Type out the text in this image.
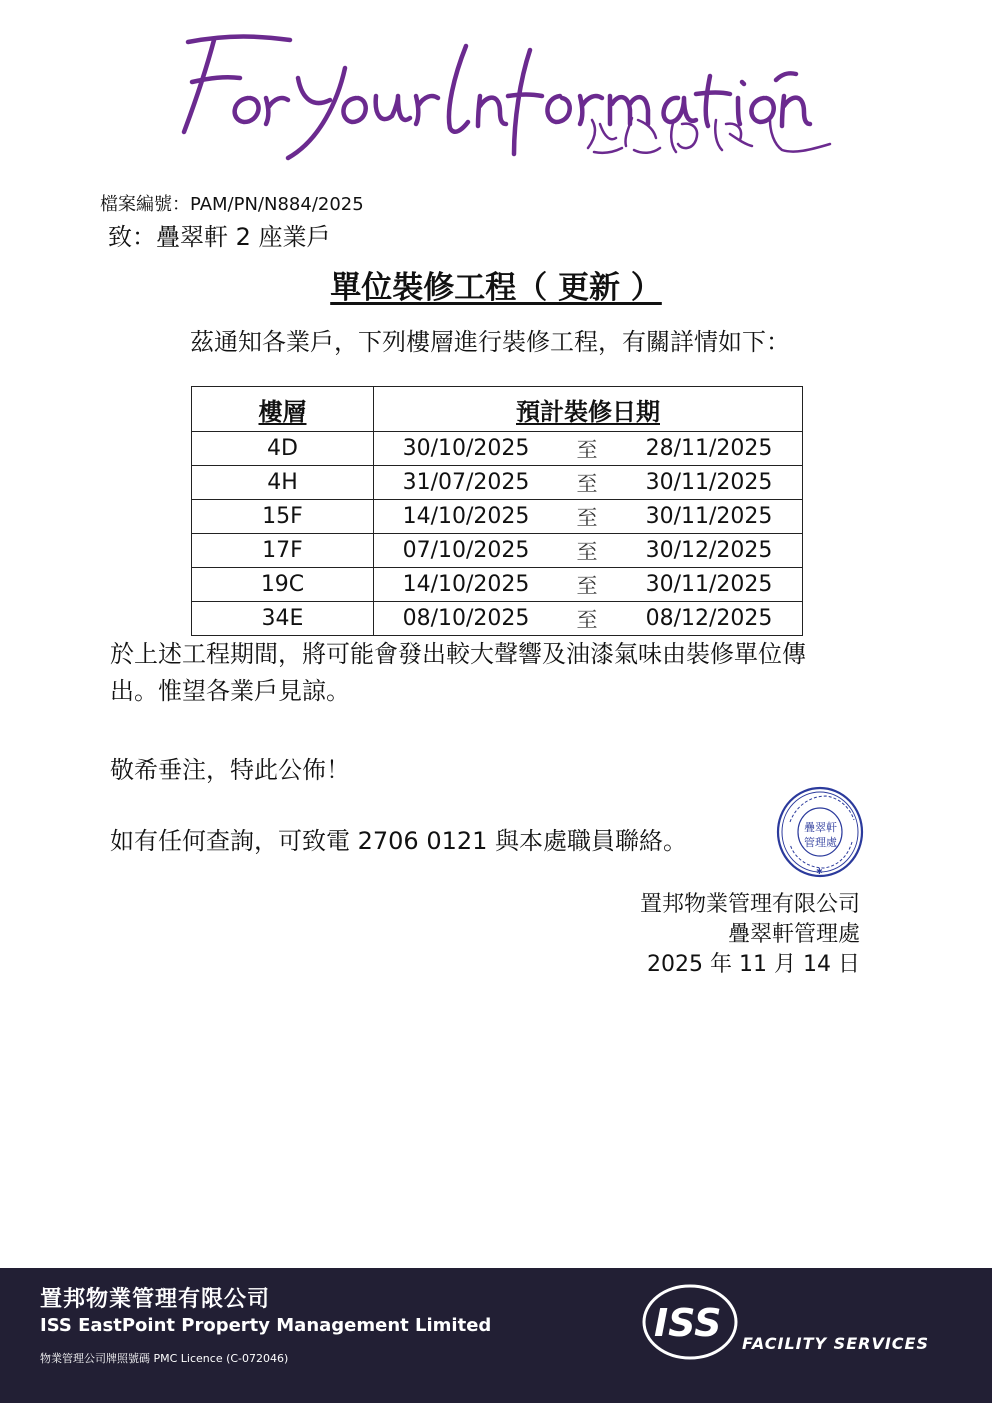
檔案編號：PAM/PN/N884/2025
致：疊翠軒 2 座業戶
單位裝修工程（ 更新 ）
茲通知各業戶，下列樓層進行裝修工程，有關詳情如下：
樓層	預計裝修日期
4D	30/10/2025 至 28/11/2025

4H	31/07/2025 至 30/11/2025

15F	14/10/2025 至 30/11/2025

17F	07/10/2025 至 30/12/2025

19C	14/10/2025 至 30/11/2025

34E	08/10/2025 至 08/12/2025
於上述工程期間，將可能會發出較大聲響及油漆氣味由裝修單位傳
出。惟望各業戶見諒。
敬希垂注，特此公佈！
如有任何查詢，可致電 2706 0121 與本處職員聯絡。	疊翠軒
管理處
✱
置邦物業管理有限公司
疊翠軒管理處
2025 年 11 月 14 日
置邦物業管理有限公司
ISS EastPoint Property Management Limited
物業管理公司牌照號碼 PMC Licence (C-072046)
ISS FACILITY SERVICES
